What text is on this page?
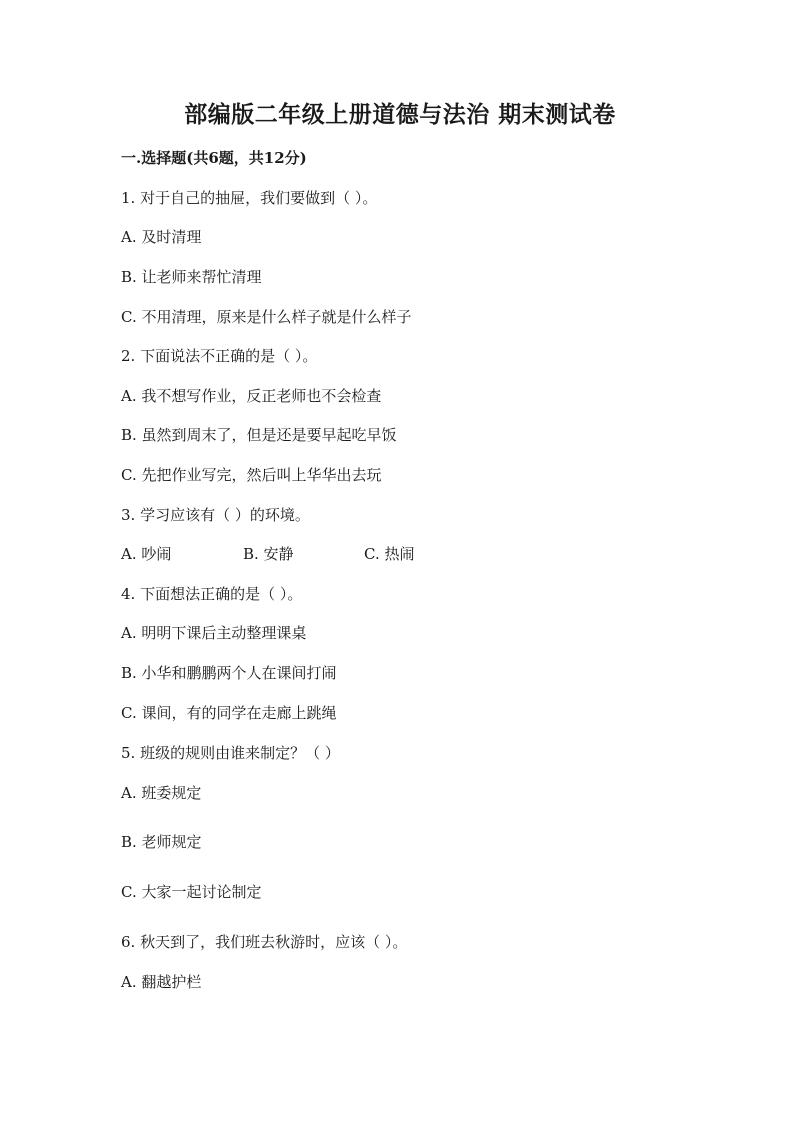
部编版二年级上册道德与法治 期末测试卷
一.选择题(共6题，共12分)
1. 对于自己的抽屉，我们要做到（ ）。
A. 及时清理
B. 让老师来帮忙清理
C. 不用清理，原来是什么样子就是什么样子
2. 下面说法不正确的是（ ）。
A. 我不想写作业，反正老师也不会检查
B. 虽然到周末了，但是还是要早起吃早饭
C. 先把作业写完，然后叫上华华出去玩
3. 学习应该有（ ）的环境。
A. 吵闹	B. 安静	C. 热闹
4. 下面想法正确的是（ ）。
A. 明明下课后主动整理课桌
B. 小华和鹏鹏两个人在课间打闹
C. 课间，有的同学在走廊上跳绳
5. 班级的规则由谁来制定？（ ）
A. 班委规定
B. 老师规定
C. 大家一起讨论制定
6. 秋天到了，我们班去秋游时，应该（ ）。
A. 翻越护栏
